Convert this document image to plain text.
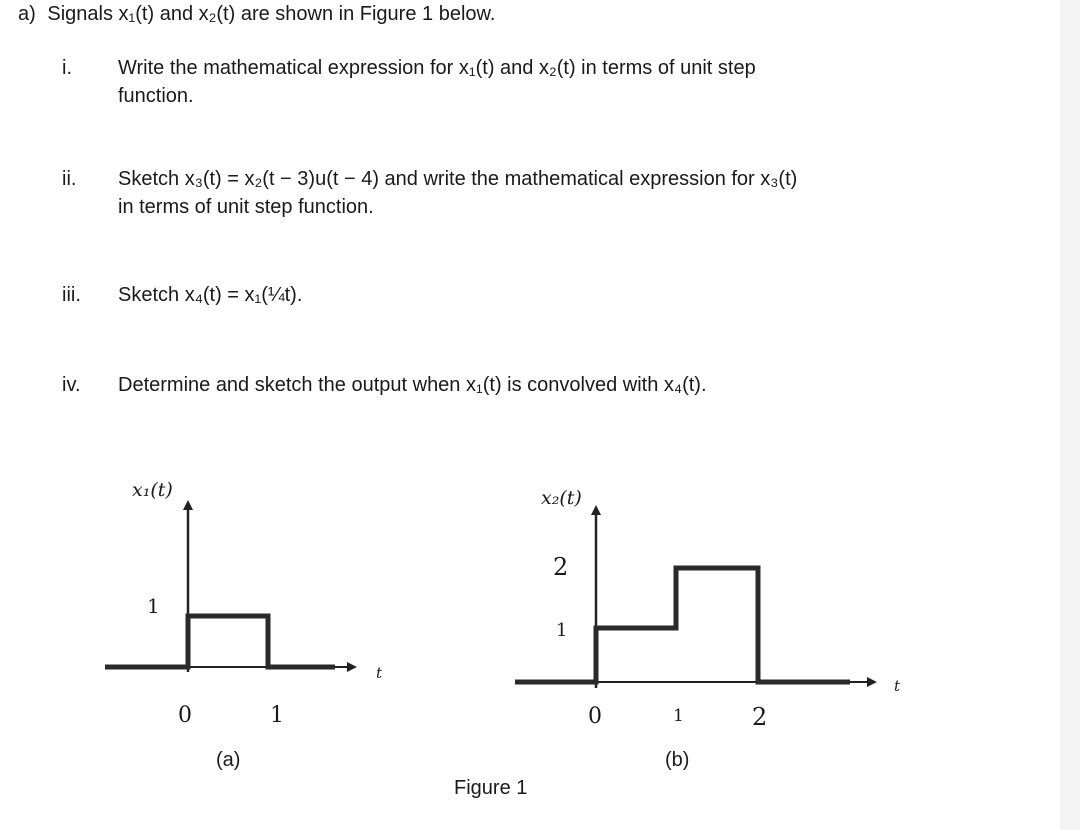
a) Signals x₁(t) and x₂(t) are shown in Figure 1 below.
i. Write the mathematical expression for x₁(t) and x₂(t) in terms of unit step
function.
ii. Sketch x₃(t) = x₂(t − 3)u(t − 4) and write the mathematical expression for x₃(t)
in terms of unit step function.
iii. Sketch x₄(t) = x₁(¼t).
iv. Determine and sketch the output when x₁(t) is convolved with x₄(t).
x₁(t)
t
1
0	1
(a)
x₂(t)
t
2
1
0	1	2
(b)
Figure 1
